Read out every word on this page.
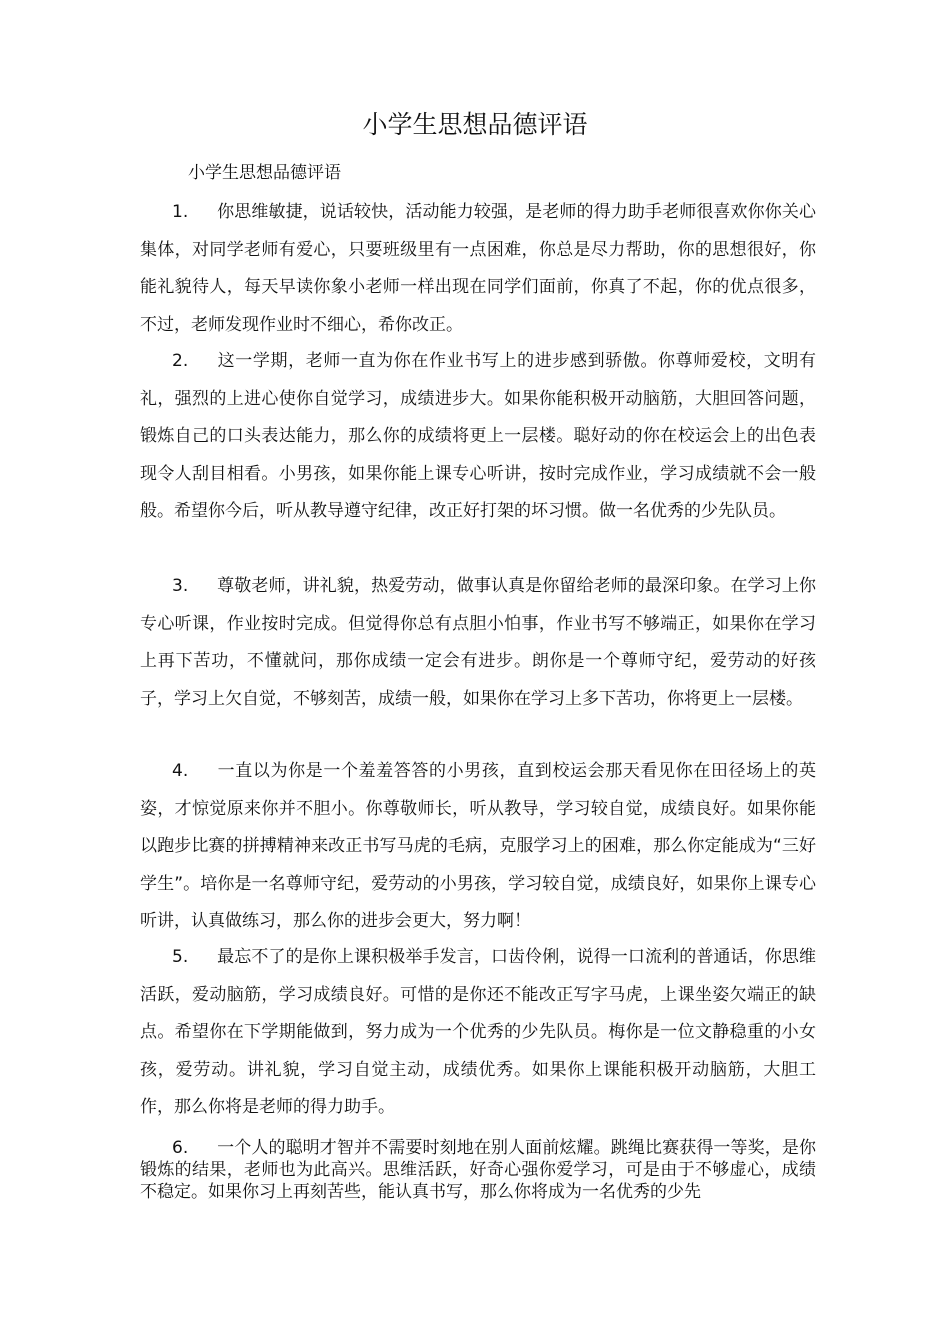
小学生思想品德评语

小学生思想品德评语

1. 你思维敏捷，说话较快，活动能力较强，是老师的得力助手老师很喜欢你你关心集体，对同学老师有爱心，只要班级里有一点困难，你总是尽力帮助，你的思想很好，你能礼貌待人，每天早读你象小老师一样出现在同学们面前，你真了不起，你的优点很多，不过，老师发现作业时不细心，希你改正。

2. 这一学期，老师一直为你在作业书写上的进步感到骄傲。你尊师爱校，文明有礼，强烈的上进心使你自觉学习，成绩进步大。如果你能积极开动脑筋，大胆回答问题，锻炼自己的口头表达能力，那么你的成绩将更上一层楼。聪好动的你在校运会上的出色表现令人刮目相看。小男孩，如果你能上课专心听讲，按时完成作业，学习成绩就不会一般般。希望你今后，听从教导遵守纪律，改正好打架的坏习惯。做一名优秀的少先队员。

3. 尊敬老师，讲礼貌，热爱劳动，做事认真是你留给老师的最深印象。在学习上你专心听课，作业按时完成。但觉得你总有点胆小怕事，作业书写不够端正，如果你在学习上再下苦功，不懂就问，那你成绩一定会有进步。朗你是一个尊师守纪，爱劳动的好孩子，学习上欠自觉，不够刻苦，成绩一般，如果你在学习上多下苦功，你将更上一层楼。

4. 一直以为你是一个羞羞答答的小男孩，直到校运会那天看见你在田径场上的英姿，才惊觉原来你并不胆小。你尊敬师长，听从教导，学习较自觉，成绩良好。如果你能以跑步比赛的拼搏精神来改正书写马虎的毛病，克服学习上的困难，那么你定能成为“三好学生”。培你是一名尊师守纪，爱劳动的小男孩，学习较自觉，成绩良好，如果你上课专心听讲，认真做练习，那么你的进步会更大，努力啊！

5. 最忘不了的是你上课积极举手发言，口齿伶俐，说得一口流利的普通话，你思维活跃，爱动脑筋，学习成绩良好。可惜的是你还不能改正写字马虎，上课坐姿欠端正的缺点。希望你在下学期能做到，努力成为一个优秀的少先队员。梅你是一位文静稳重的小女孩，爱劳动。讲礼貌，学习自觉主动，成绩优秀。如果你上课能积极开动脑筋，大胆工作，那么你将是老师的得力助手。

6. 一个人的聪明才智并不需要时刻地在别人面前炫耀。跳绳比赛获得一等奖，是你锻炼的结果，老师也为此高兴。思维活跃，好奇心强你爱学习，可是由于不够虚心，成绩不稳定。如果你习上再刻苦些，能认真书写，那么你将成为一名优秀的少先
